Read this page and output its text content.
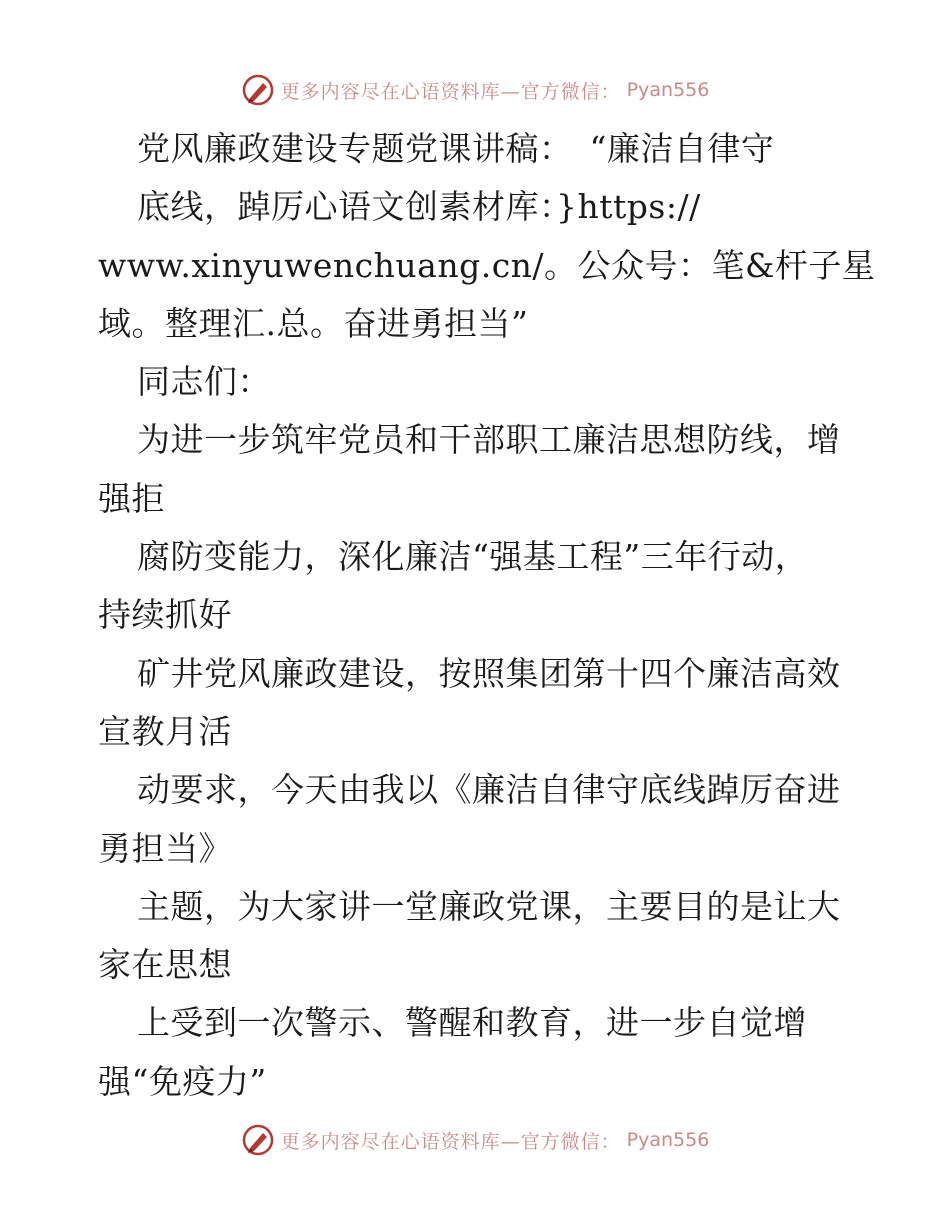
更多内容尽在心语资料库—官方微信： Pyan556
党风廉政建设专题党课讲稿：　“廉洁自律守
底线，踔厉心语文创素材库：}https://
www.xinyuwenchuang.cn/。公众号：笔&杆子星
域。整理汇.总。奋进勇担当”
同志们：
为进一步筑牢党员和干部职工廉洁思想防线，增
强拒
腐防变能力，深化廉洁“强基工程”三年行动，
持续抓好
矿井党风廉政建设，按照集团第十四个廉洁高效
宣教月活
动要求，今天由我以《廉洁自律守底线踔厉奋进
勇担当》
主题，为大家讲一堂廉政党课，主要目的是让大
家在思想
上受到一次警示、警醒和教育，进一步自觉增
强“免疫力”
更多内容尽在心语资料库—官方微信： Pyan556
